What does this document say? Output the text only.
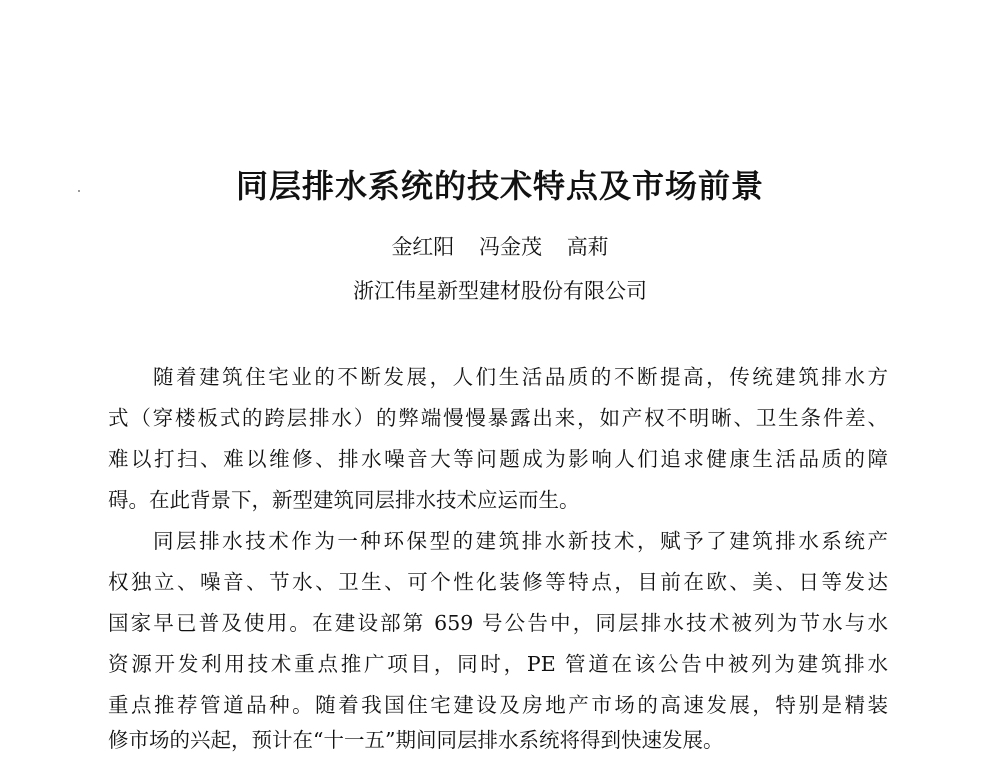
同层排水系统的技术特点及市场前景
金红阳 冯金茂 高莉
浙江伟星新型建材股份有限公司
随着建筑住宅业的不断发展，人们生活品质的不断提高，传统建筑排水方
式（穿楼板式的跨层排水）的弊端慢慢暴露出来，如产权不明晰、卫生条件差、
难以打扫、难以维修、排水噪音大等问题成为影响人们追求健康生活品质的障
碍。在此背景下，新型建筑同层排水技术应运而生。
同层排水技术作为一种环保型的建筑排水新技术，赋予了建筑排水系统产
权独立、噪音、节水、卫生、可个性化装修等特点，目前在欧、美、日等发达
国家早已普及使用。在建设部第 659 号公告中，同层排水技术被列为节水与水
资源开发利用技术重点推广项目，同时，PE 管道在该公告中被列为建筑排水
重点推荐管道品种。随着我国住宅建设及房地产市场的高速发展，特别是精装
修市场的兴起，预计在“十一五”期间同层排水系统将得到快速发展。
